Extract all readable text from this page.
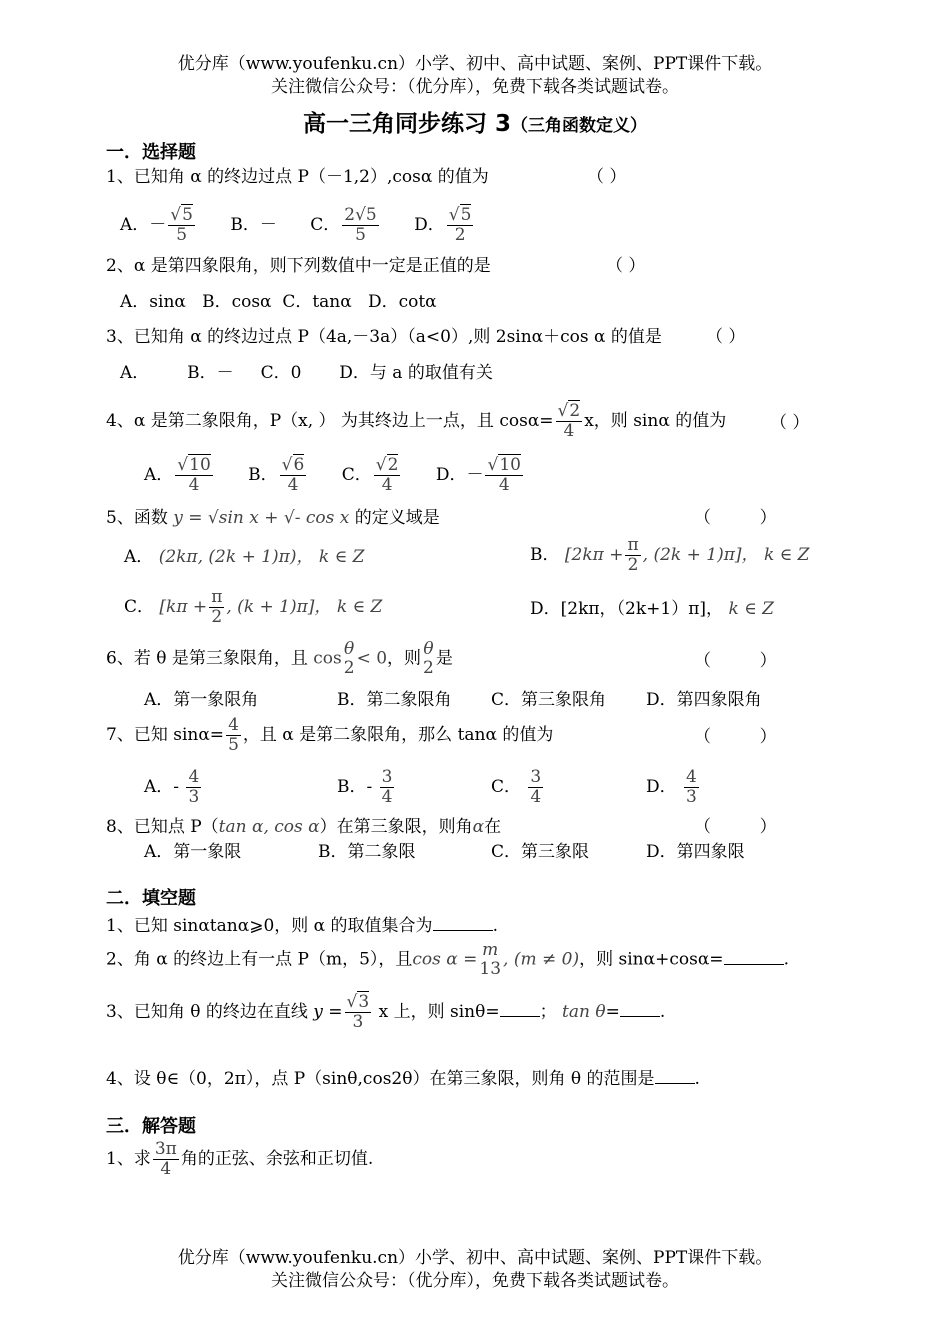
优分库（www.youfenku.cn）小学、初中、高中试题、案例、PPT课件下载。
关注微信公众号：（优分库），免费下载各类试题试卷。
高一三角同步练习 3（三角函数定义）
一．选择题
1、已知角 α 的终边过点 P（－1,2）,cosα 的值为	（ ）
A．－ $\frac{√5}{5}$ B．－ C． $\frac{2√5}{5}$ D． $\frac{√5}{2}$
2、α 是第四象限角，则下列数值中一定是正值的是	（ ）
A．sinα   B．cosα  C．tanα   D．cotα
3、已知角 α 的终边过点 P（4a,－3a）（a<0）,则 2sinα＋cos α 的值是	（ ）
A．       B．－     C．0       D．与 a 的取值有关
4、α 是第二象限角，P（x, ） 为其终边上一点，且 $\cos\alpha= \frac{√2}{4}$ x，则 sinα 的值为	（ ）
A． $\frac{√10}{4}$ B． $\frac{√6}{4}$ C． $\frac{√2}{4}$ D．－ $\frac{√10}{4}$
5、函数 y = √sin x + √- cos x 的定义域是	（         ）
A． (2kπ, (2k + 1)π)， k ∈ Z	B． [$2k\pi + \frac{\pi}{2}$ , (2k + 1)π]， k ∈ Z
C． [$k\pi + \frac{\pi}{2}$ , (k + 1)π]， k ∈ Z	D．[2kπ，（2k+1）π]， k ∈ Z
6、若 θ 是第三象限角，且 cos θ
2 < 0，则 θ
2 是	（         ）
A．第一象限角	B．第二象限角 C．第三象限角 D．第四象限角
7、已知 $\sin\alpha= \frac{4}{5}$ ，且 α 是第二象限角，那么 tanα 的值为	（         ）
A．- $\frac{4}{3}$	B．- $\frac{3}{4}$	C． $\frac{3}{4}$	D． $\frac{4}{3}$
8、已知点 P（tan α, cos α）在第三象限，则角α在	（         ）
A．第一象限	B．第二象限	C．第三象限	D．第四象限
二．填空题
1、已知 sinαtanα⩾0，则 α 的取值集合为	.
2、角 α 的终边上有一点 P（m，5），且cos α = m
13 , (m ≠ 0)，则 sinα+cosα=	.
3、已知角 θ 的终边在直线 $y = \frac{√3}{3}$ x 上，则 sinθ= ； tan θ= .
4、设 θ∈（0，2π），点 P（sinθ,cos2θ）在第三象限，则角 θ 的范围是 .
三．解答题
1、求 $\frac{3\pi}{4}$ 角的正弦、余弦和正切值.
优分库（www.youfenku.cn）小学、初中、高中试题、案例、PPT课件下载。
关注微信公众号：（优分库），免费下载各类试题试卷。
